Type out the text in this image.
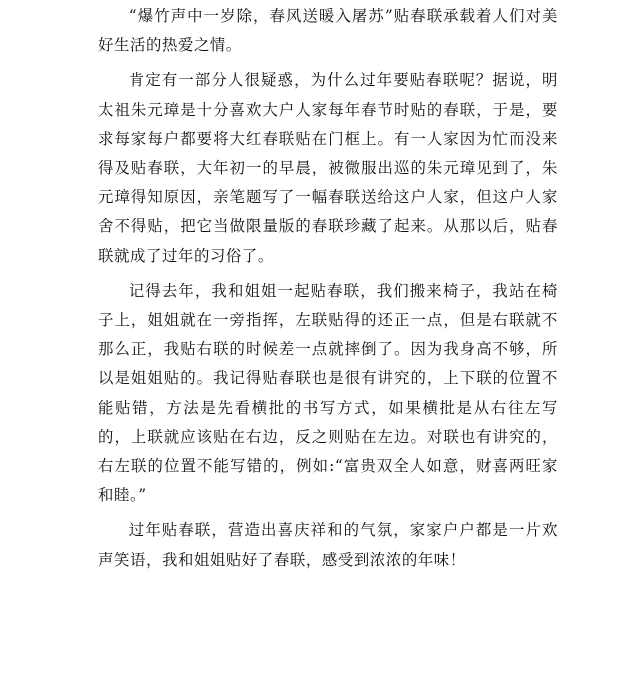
“爆竹声中一岁除，春风送暖入屠苏”贴春联承载着人们对美好生活的热爱之情。

肯定有一部分人很疑惑，为什么过年要贴春联呢？据说，明太祖朱元璋是十分喜欢大户人家每年春节时贴的春联，于是，要求每家每户都要将大红春联贴在门框上。有一人家因为忙而没来得及贴春联，大年初一的早晨，被微服出巡的朱元璋见到了，朱元璋得知原因，亲笔题写了一幅春联送给这户人家，但这户人家舍不得贴，把它当做限量版的春联珍藏了起来。从那以后，贴春联就成了过年的习俗了。

记得去年，我和姐姐一起贴春联，我们搬来椅子，我站在椅子上，姐姐就在一旁指挥，左联贴得的还正一点，但是右联就不那么正，我贴右联的时候差一点就摔倒了。因为我身高不够，所以是姐姐贴的。我记得贴春联也是很有讲究的，上下联的位置不能贴错，方法是先看横批的书写方式，如果横批是从右往左写的，上联就应该贴在右边，反之则贴在左边。对联也有讲究的，右左联的位置不能写错的，例如:“富贵双全人如意，财喜两旺家和睦。”

过年贴春联，营造出喜庆祥和的气氛，家家户户都是一片欢声笑语，我和姐姐贴好了春联，感受到浓浓的年味！
